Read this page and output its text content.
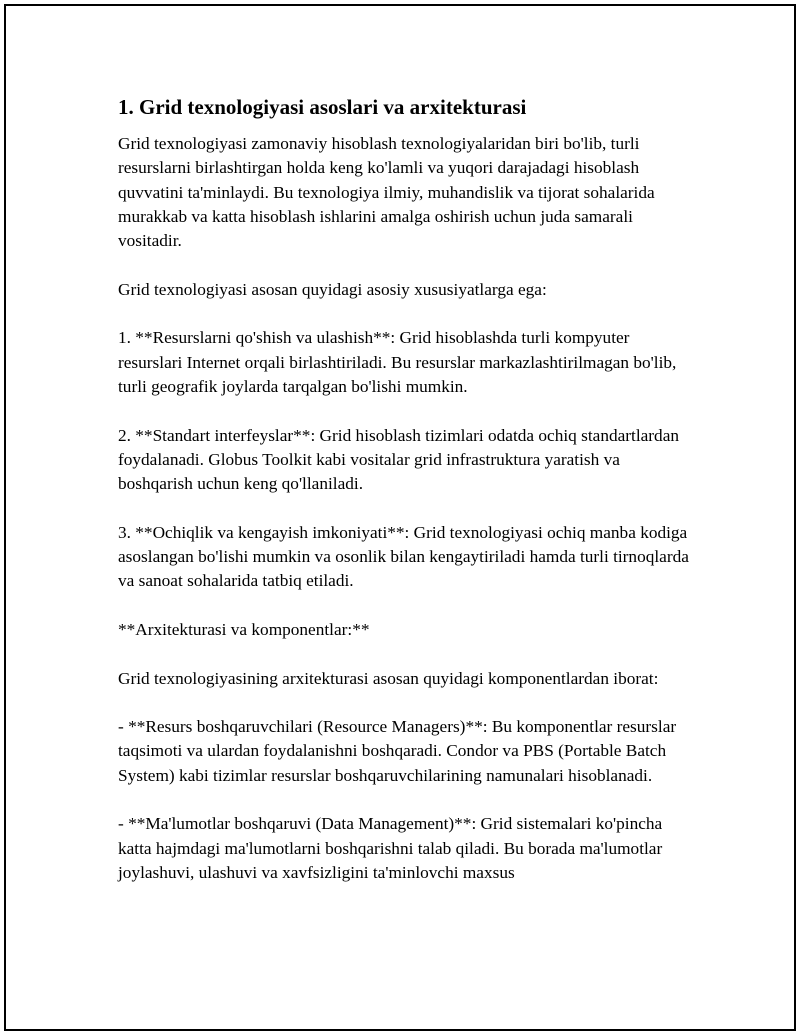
1. Grid texnologiyasi asoslari va arxitekturasi

Grid texnologiyasi zamonaviy hisoblash texnologiyalaridan biri bo'lib, turli resurslarni birlashtirgan holda keng ko'lamli va yuqori darajadagi hisoblash quvvatini ta'minlaydi. Bu texnologiya ilmiy, muhandislik va tijorat sohalarida murakkab va katta hisoblash ishlarini amalga oshirish uchun juda samarali vositadir.

Grid texnologiyasi asosan quyidagi asosiy xususiyatlarga ega:

1. **Resurslarni qo'shish va ulashish**: Grid hisoblashda turli kompyuter resurslari Internet orqali birlashtiriladi. Bu resurslar markazlashtirilmagan bo'lib, turli geografik joylarda tarqalgan bo'lishi mumkin.

2. **Standart interfeyslar**: Grid hisoblash tizimlari odatda ochiq standartlardan foydalanadi. Globus Toolkit kabi vositalar grid infrastruktura yaratish va boshqarish uchun keng qo'llaniladi.

3. **Ochiqlik va kengayish imkoniyati**: Grid texnologiyasi ochiq manba kodiga asoslangan bo'lishi mumkin va osonlik bilan kengaytiriladi hamda turli tirnoqlarda va sanoat sohalarida tatbiq etiladi.

**Arxitekturasi va komponentlar:**

Grid texnologiyasining arxitekturasi asosan quyidagi komponentlardan iborat:

- **Resurs boshqaruvchilari (Resource Managers)**: Bu komponentlar resurslar taqsimoti va ulardan foydalanishni boshqaradi. Condor va PBS (Portable Batch System) kabi tizimlar resurslar boshqaruvchilarining namunalari hisoblanadi.

- **Ma'lumotlar boshqaruvi (Data Management)**: Grid sistemalari ko'pincha katta hajmdagi ma'lumotlarni boshqarishni talab qiladi. Bu borada ma'lumotlar joylashuvi, ulashuvi va xavfsizligini ta'minlovchi maxsus
